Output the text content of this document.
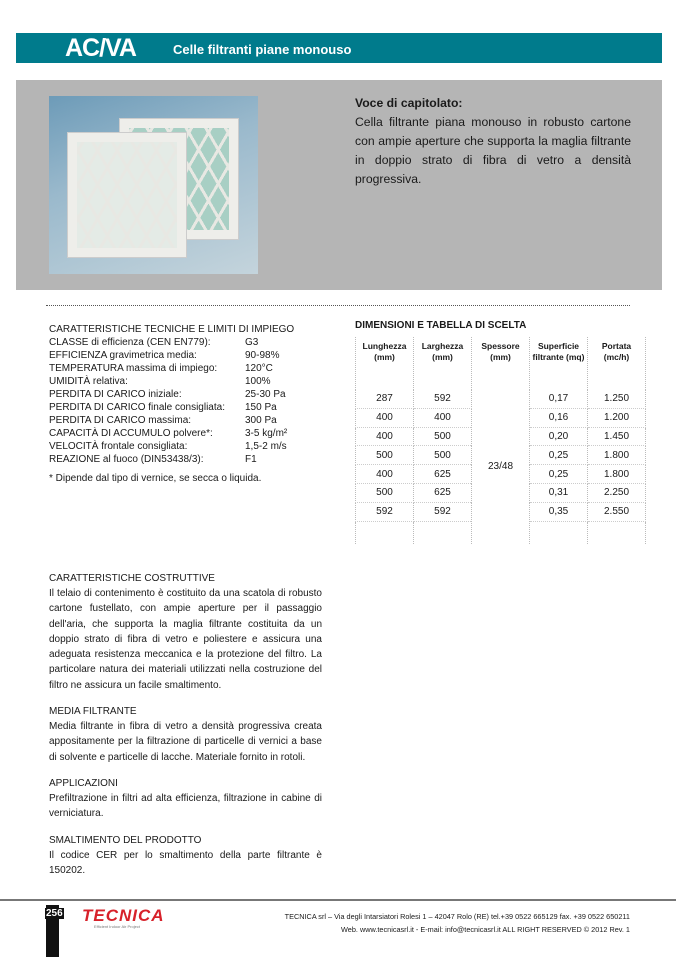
AC/VA	Celle filtranti piane monouso
Voce di capitolato:
Cella filtrante piana monouso in robusto cartone con ampie aperture che supporta la maglia filtrante in doppio strato di fibra di vetro a densità progressiva.
CARATTERISTICHE TECNICHE E LIMITI DI IMPIEGO
CLASSE di efficienza (CEN EN779):	G3
EFFICIENZA gravimetrica media:	90-98%
TEMPERATURA massima di impiego:	120°C
UMIDITÀ relativa:	100%
PERDITA DI CARICO iniziale:	25-30 Pa
PERDITA DI CARICO finale consigliata:	150 Pa
PERDITA DI CARICO massima:	300 Pa
CAPACITÀ DI ACCUMULO polvere*:	3-5 kg/m²
VELOCITÀ frontale consigliata:	1,5-2 m/s
REAZIONE al fuoco (DIN53438/3):	F1

* Dipende dal tipo di vernice, se secca o liquida.

DIMENSIONI E TABELLA DI SCELTA
Lunghezza (mm)	Larghezza (mm)	Spessore (mm)	Superficie filtrante (mq)	Portata (mc/h)
287	592	23/48	0,17	1.250
400	400		0,16	1.200
400	500		0,20	1.450
500	500		0,25	1.800
400	625		0,25	1.800
500	625		0,31	2.250
592	592		0,35	2.550

CARATTERISTICHE COSTRUTTIVE

Il telaio di contenimento è costituito da una scatola di robusto cartone fustellato, con ampie aperture per il passaggio dell'aria, che supporta la maglia filtrante costituita da un doppio strato di fibra di vetro e poliestere e assicura una adeguata resistenza meccanica e la protezione del filtro. La particolare natura dei materiali utilizzati nella costruzione del filtro ne assicura un facile smaltimento.

MEDIA FILTRANTE

Media filtrante in fibra di vetro a densità progressiva creata appositamente per la filtrazione di particelle di vernici a base di solvente e particelle di lacche. Materiale fornito in rotoli.

APPLICAZIONI

Prefiltrazione in filtri ad alta efficienza, filtrazione in cabine di verniciatura.

SMALTIMENTO DEL PRODOTTO

Il codice CER per lo smaltimento della parte filtrante è 150202.

256 TECNICA
Efficient Indoor Air Project
TECNICA srl – Via degli Intarsiatori Rolesi 1 – 42047 Rolo (RE) tel.+39 0522 665129 fax. +39 0522 650211
Web. www.tecnicasrl.it - E-mail: info@tecnicasrl.it ALL RIGHT RESERVED © 2012 Rev. 1
